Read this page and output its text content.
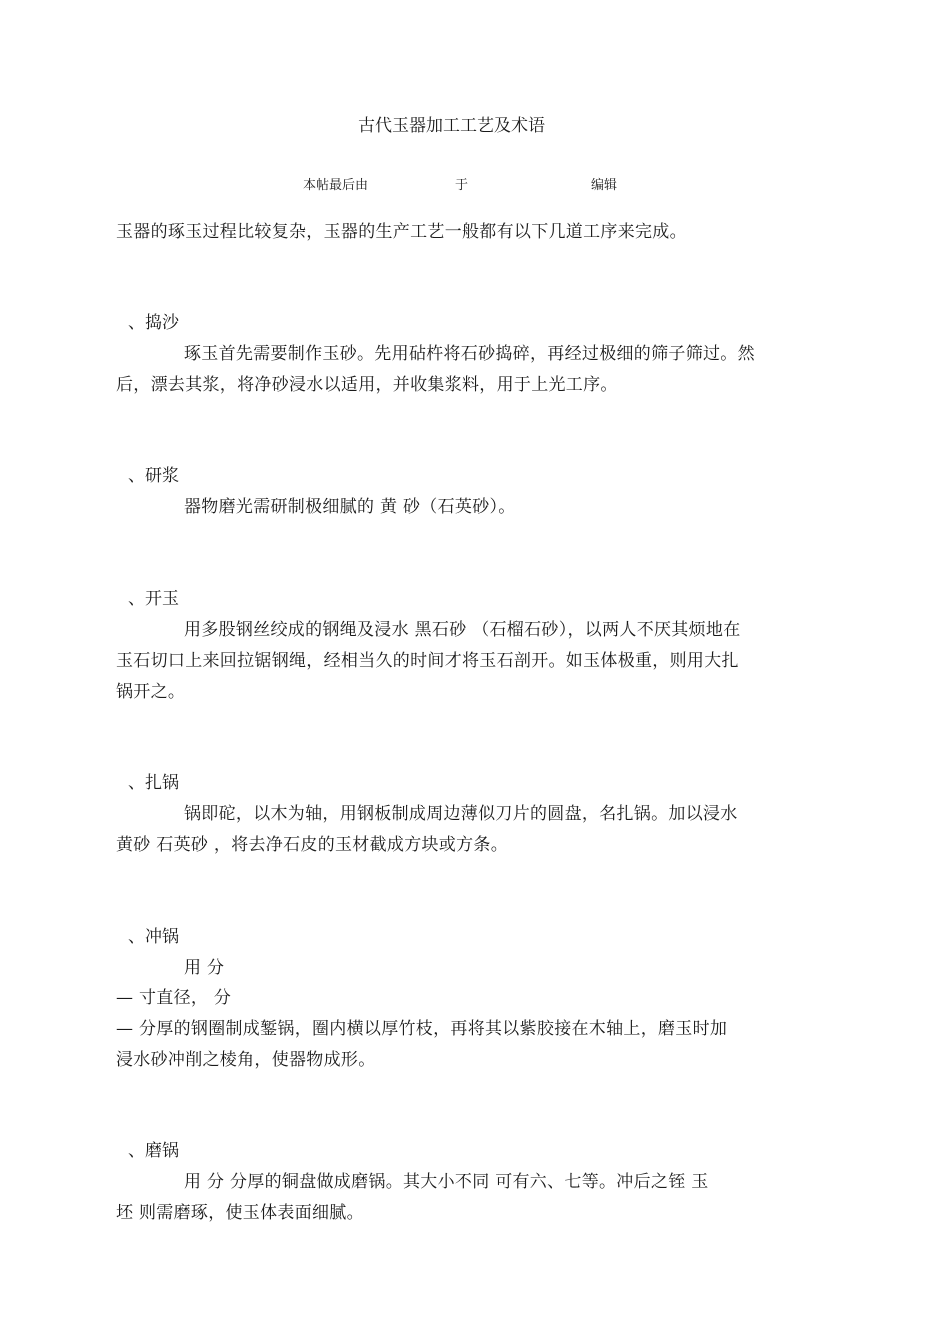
古代玉器加工工艺及术语
本帖最后由	于	编辑
玉器的琢玉过程比较复杂，玉器的生产工艺一般都有以下几道工序来完成。
、捣沙
琢玉首先需要制作玉砂。先用砧杵将石砂捣碎，再经过极细的筛子筛过。然
后，漂去其浆，将净砂浸水以适用，并收集浆料，用于上光工序。
、研浆
器物磨光需研制极细腻的 黄 砂（石英砂）。
、开玉
用多股钢丝绞成的钢绳及浸水 黑石砂 （石榴石砂），以两人不厌其烦地在
玉石切口上来回拉锯钢绳，经相当久的时间才将玉石剖开。如玉体极重，则用大扎
锅开之。
、扎锅
锅即砣，以木为轴，用钢板制成周边薄似刀片的圆盘，名扎锅。加以浸水
黄砂 石英砂 ，将去净石皮的玉材截成方块或方条。
、冲锅
用 分
— 寸直径， 分
— 分厚的钢圈制成錾锅，圈内横以厚竹枝，再将其以紫胶接在木轴上，磨玉时加
浸水砂冲削之棱角，使器物成形。
、磨锅
用 分 分厚的铜盘做成磨锅。其大小不同 可有六、七等。冲后之铚 玉
坯 则需磨琢，使玉体表面细腻。
